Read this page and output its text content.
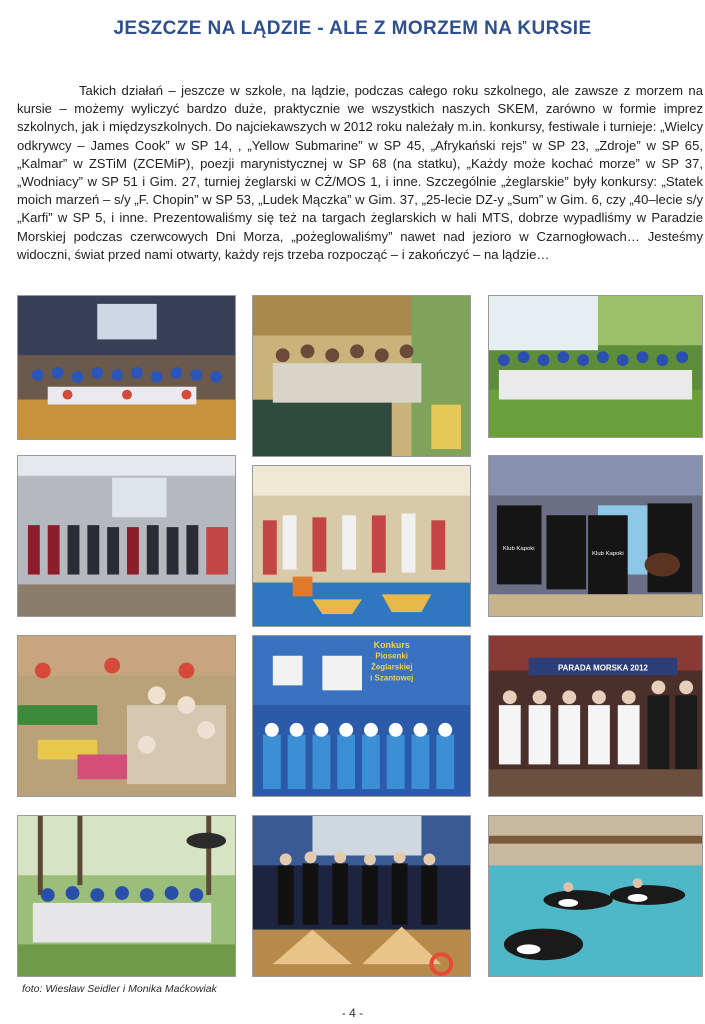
JESZCZE NA LĄDZIE - ALE Z MORZEM NA KURSIE
Takich działań – jeszcze w szkole, na lądzie, podczas całego roku szkolnego, ale zawsze z morzem na kursie – możemy wyliczyć bardzo duże, praktycznie we wszystkich naszych SKEM, zarówno w formie imprez szkolnych, jak i międzyszkolnych. Do najciekawszych w 2012 roku należały m.in. konkursy, festiwale i turnieje: „Wielcy odkrywcy – James Cook” w SP 14, , „Yellow Submarine” w SP 45, „Afrykański rejs” w SP 23, „Zdroje” w SP 65, „Kalmar” w ZSTiM (ZCEMiP), poezji marynistycznej w SP 68 (na statku), „Każdy może kochać morze” w SP 37, „Wodniacy” w SP 51 i Gim. 27, turniej żeglarski w CŻ/MOS 1, i inne. Szczególnie „żeglarskie” były konkursy: „Statek moich marzeń – s/y „F. Chopin” w SP 53, „Ludek Mączka” w Gim. 37, „25-lecie DZ-y „Sum” w Gim. 6, czy „40–lecie s/y „Karfi” w SP 5, i inne. Prezentowaliśmy się też na targach żeglarskich w hali MTS, dobrze wypadliśmy w Paradzie Morskiej podczas czerwcowych Dni Morza, „pożeglowaliśmy” nawet nad jezioro w Czarnogłowach… Jesteśmy widoczni, świat przed nami otwarty, każdy rejs trzeba rozpocząć – i zakończyć – na lądzie…
Klub Kapoki
Klub Kapoki
Konkurs
Piosenki
Żeglarskiej
i Szantowej
PARADA MORSKA 2012
foto: Wiesław Seidler i Monika Maćkowiak
- 4 -
